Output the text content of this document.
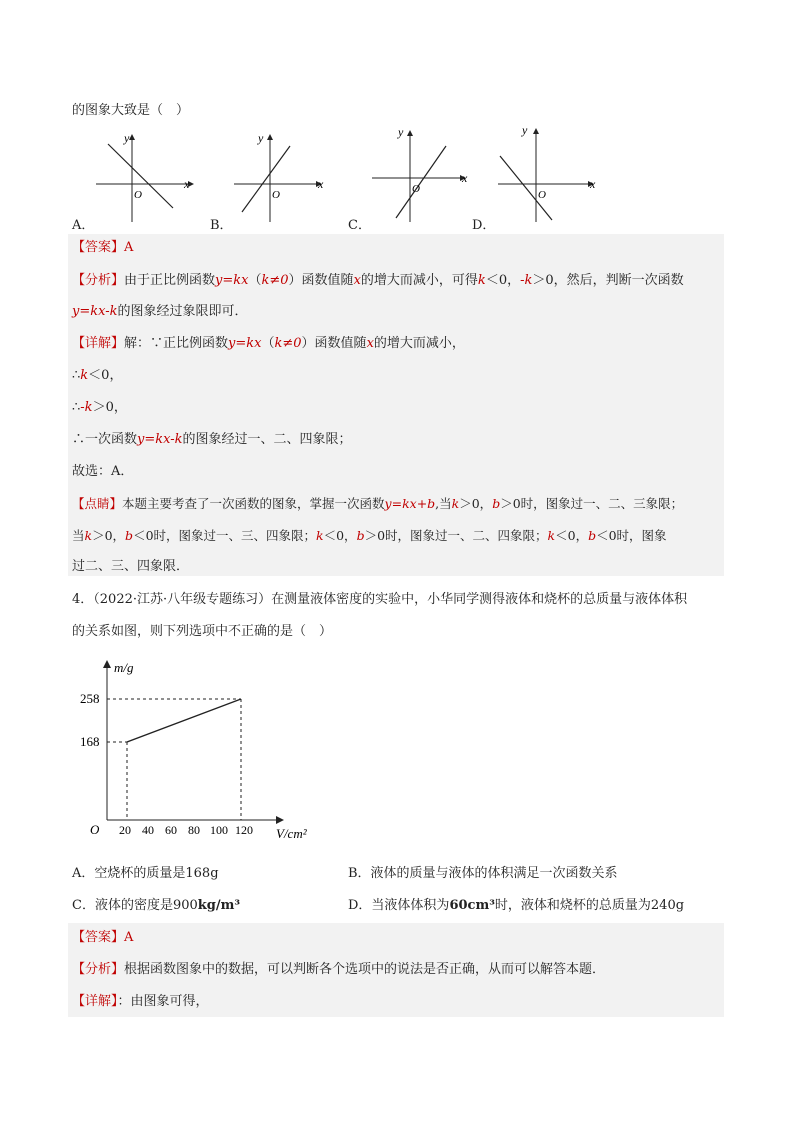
的图象大致是（　）
y
x
O
A．
y
x
O
B．
y
x
O
C．
y
x
O
D．
【答案】A
【分析】由于正比例函数y=kx（k≠0）函数值随x的增大而减小，可得k＜0，-k＞0，然后，判断一次函数
y=kx-k的图象经过象限即可．
【详解】解：∵正比例函数y=kx（k≠0）函数值随x的增大而减小，
∴k＜0，
∴-k＞0，
∴一次函数y=kx-k的图象经过一、二、四象限；
故选：A．
【点睛】本题主要考查了一次函数的图象，掌握一次函数y=kx+b,当k＞0，b＞0时，图象过一、二、三象限；
当k＞0，b＜0时，图象过一、三、四象限；k＜0，b＞0时，图象过一、二、四象限；k＜0，b＜0时，图象
过二、三、四象限．
4．（2022·江苏·八年级专题练习）在测量液体密度的实验中，小华同学测得液体和烧杯的总质量与液体体积
的关系如图，则下列选项中不正确的是（　）
m/g
V/cm²
O
258
168
20 40 60 80 100 120
A．空烧杯的质量是168g	B．液体的质量与液体的体积满足一次函数关系
C．液体的密度是900kg/m³	D．当液体体积为60cm³时，液体和烧杯的总质量为240g
【答案】A
【分析】根据函数图象中的数据，可以判断各个选项中的说法是否正确，从而可以解答本题．
【详解】：由图象可得，
